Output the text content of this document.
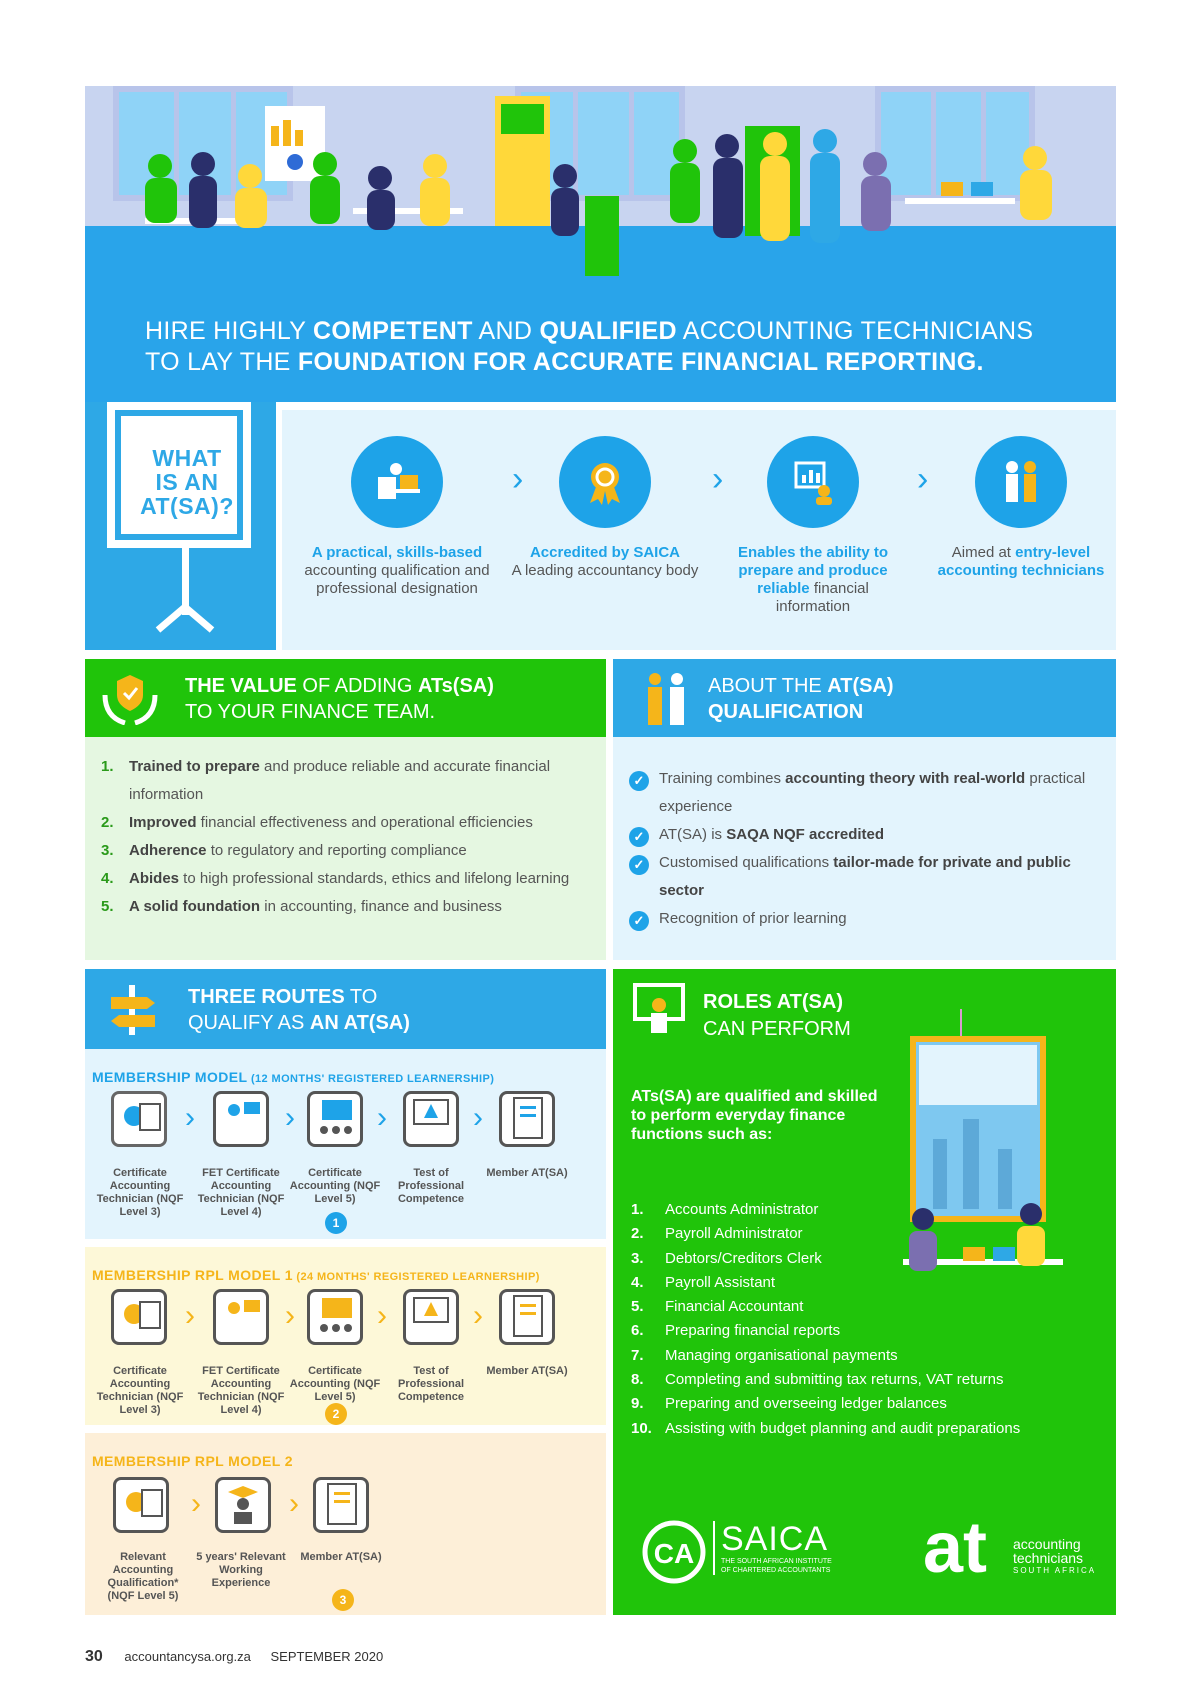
HIRE HIGHLY COMPETENT AND QUALIFIED ACCOUNTING TECHNICIANS
TO LAY THE FOUNDATION FOR ACCURATE FINANCIAL REPORTING.
WHAT
IS AN
AT(SA)?

A practical, skills-based accounting qualification and professional designation

›

Accredited by SAICA
A leading accountancy body

›

Enables the ability to prepare and produce reliable financial information

›

Aimed at entry-level accounting technicians

THE VALUE OF ADDING ATs(SA)
TO YOUR FINANCE TEAM.
1. Trained to prepare and produce reliable and accurate financial information
2. Improved financial effectiveness and operational efficiencies
3. Adherence to regulatory and reporting compliance
4. Abides to high professional standards, ethics and lifelong learning
5. A solid foundation in accounting, finance and business
ABOUT THE AT(SA)
QUALIFICATION
✓ Training combines accounting theory with real-world practical experience
✓ AT(SA) is SAQA NQF accredited
✓ Customised qualifications tailor-made for private and public sector
✓ Recognition of prior learning
THREE ROUTES TO
QUALIFY AS AN AT(SA)
MEMBERSHIP MODEL (12 MONTHS' REGISTERED LEARNERSHIP)
›	›	›	›
Certificate Accounting Technician (NQF Level 3)
FET Certificate Accounting Technician (NQF Level 4)
Certificate Accounting (NQF Level 5)
Test of Professional Competence
Member AT(SA)
1
MEMBERSHIP RPL MODEL 1 (24 MONTHS' REGISTERED LEARNERSHIP)
›	›	›	›
Certificate Accounting Technician (NQF Level 3)
FET Certificate Accounting Technician (NQF Level 4)
Certificate Accounting (NQF Level 5)
Test of Professional Competence
Member AT(SA)
2
MEMBERSHIP RPL MODEL 2
›	›
Relevant Accounting Qualification* (NQF Level 5)
5 years' Relevant Working Experience
Member AT(SA)
3
ROLES AT(SA)
CAN PERFORM
ATs(SA) are qualified and skilled to perform everyday finance functions such as:
1. Accounts Administrator
2. Payroll Administrator
3. Debtors/Creditors Clerk
4. Payroll Assistant
5. Financial Accountant
6. Preparing financial reports
7. Managing organisational payments
8. Completing and submitting tax returns, VAT returns
9. Preparing and overseeing ledger balances
10. Assisting with budget planning and audit preparations
CA SAICA
THE SOUTH AFRICAN INSTITUTE
OF CHARTERED ACCOUNTANTS	at accounting
technicians
SOUTH AFRICA
30 accountancysa.org.za SEPTEMBER 2020
